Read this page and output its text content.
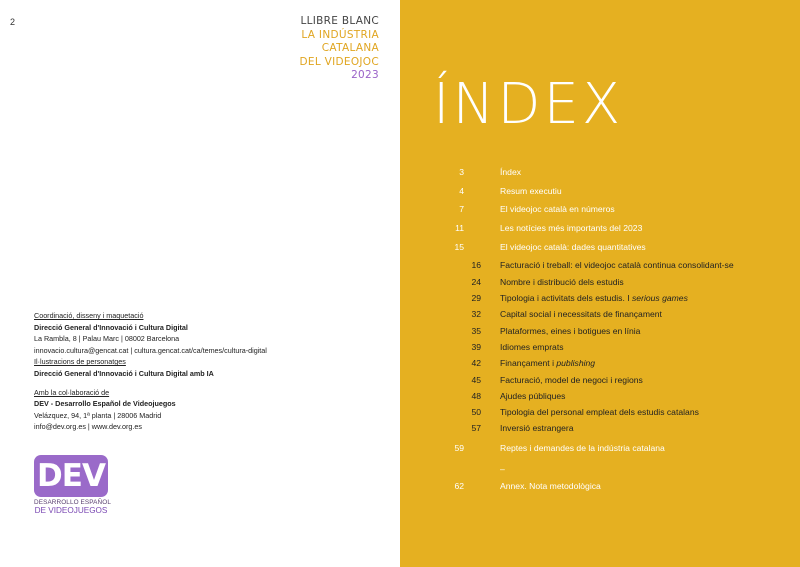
2	LLIBRE BLANC
LA INDÚSTRIA
CATALANA
DEL VIDEOJOC
2023
Coordinació, disseny i maquetació
Direcció General d'Innovació i Cultura Digital
La Rambla, 8 | Palau Marc | 08002 Barcelona
innovacio.cultura@gencat.cat | cultura.gencat.cat/ca/temes/cultura-digital
Il·lustracions de personatges
Direcció General d'Innovació i Cultura Digital amb IA
Amb la col·laboració de
DEV - Desarrollo Español de Videojuegos
Velázquez, 94, 1ª planta | 28006 Madrid
info@dev.org.es | www.dev.org.es
DEV
DESARROLLO ESPAÑOL
DE VIDEOJUEGOS
ÍNDEX
3	Índex
4	Resum executiu
7	El videojoc català en números
11	Les notícies més importants del 2023
15	El videojoc català: dades quantitatives
16 Facturació i treball: el videojoc català continua consolidant-se
24 Nombre i distribució dels estudis
29 Tipologia i activitats dels estudis. I serious games
32 Capital social i necessitats de finançament
35 Plataformes, eines i botigues en línia
39 Idiomes emprats
42 Finançament i publishing
45 Facturació, model de negoci i regions
48 Ajudes públiques
50 Tipologia del personal empleat dels estudis catalans
57 Inversió estrangera
59	Reptes i demandes de la indústria catalana
–
62	Annex. Nota metodològica
